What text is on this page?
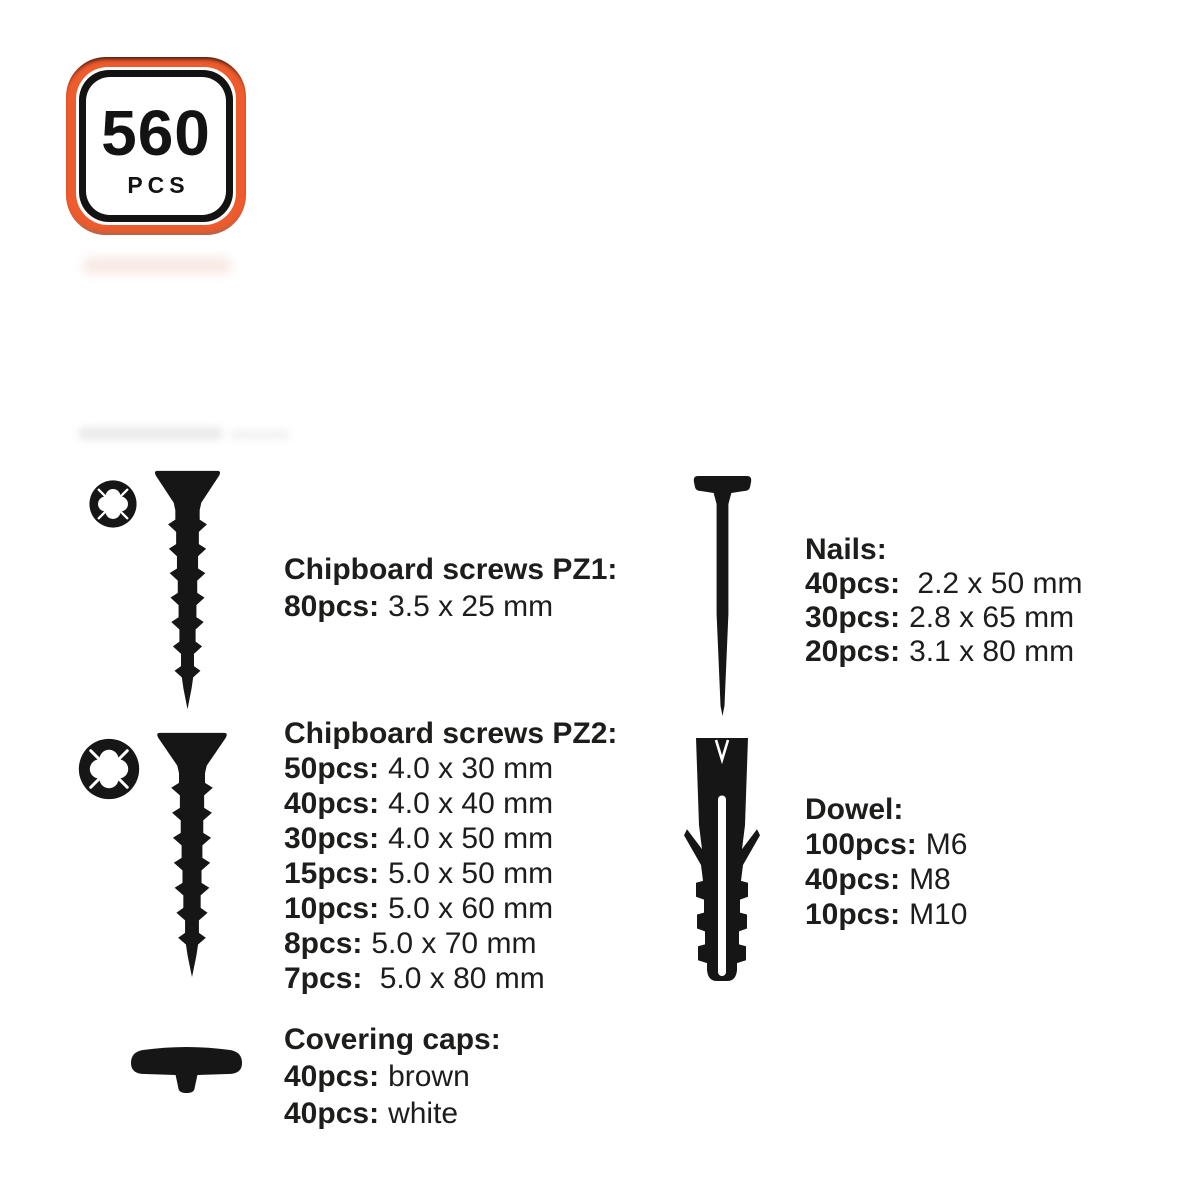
560
PCS
Chipboard screws PZ1:
80pcs: 3.5 x 25 mm
Chipboard screws PZ2:
50pcs: 4.0 x 30 mm
40pcs: 4.0 x 40 mm
30pcs: 4.0 x 50 mm
15pcs: 5.0 x 50 mm
10pcs: 5.0 x 60 mm
8pcs: 5.0 x 70 mm
7pcs: 5.0 x 80 mm
Covering caps:
40pcs: brown
40pcs: white
Nails:
40pcs: 2.2 x 50 mm
30pcs: 2.8 x 65 mm
20pcs: 3.1 x 80 mm
Dowel:
100pcs: M6
40pcs: M8
10pcs: M10
